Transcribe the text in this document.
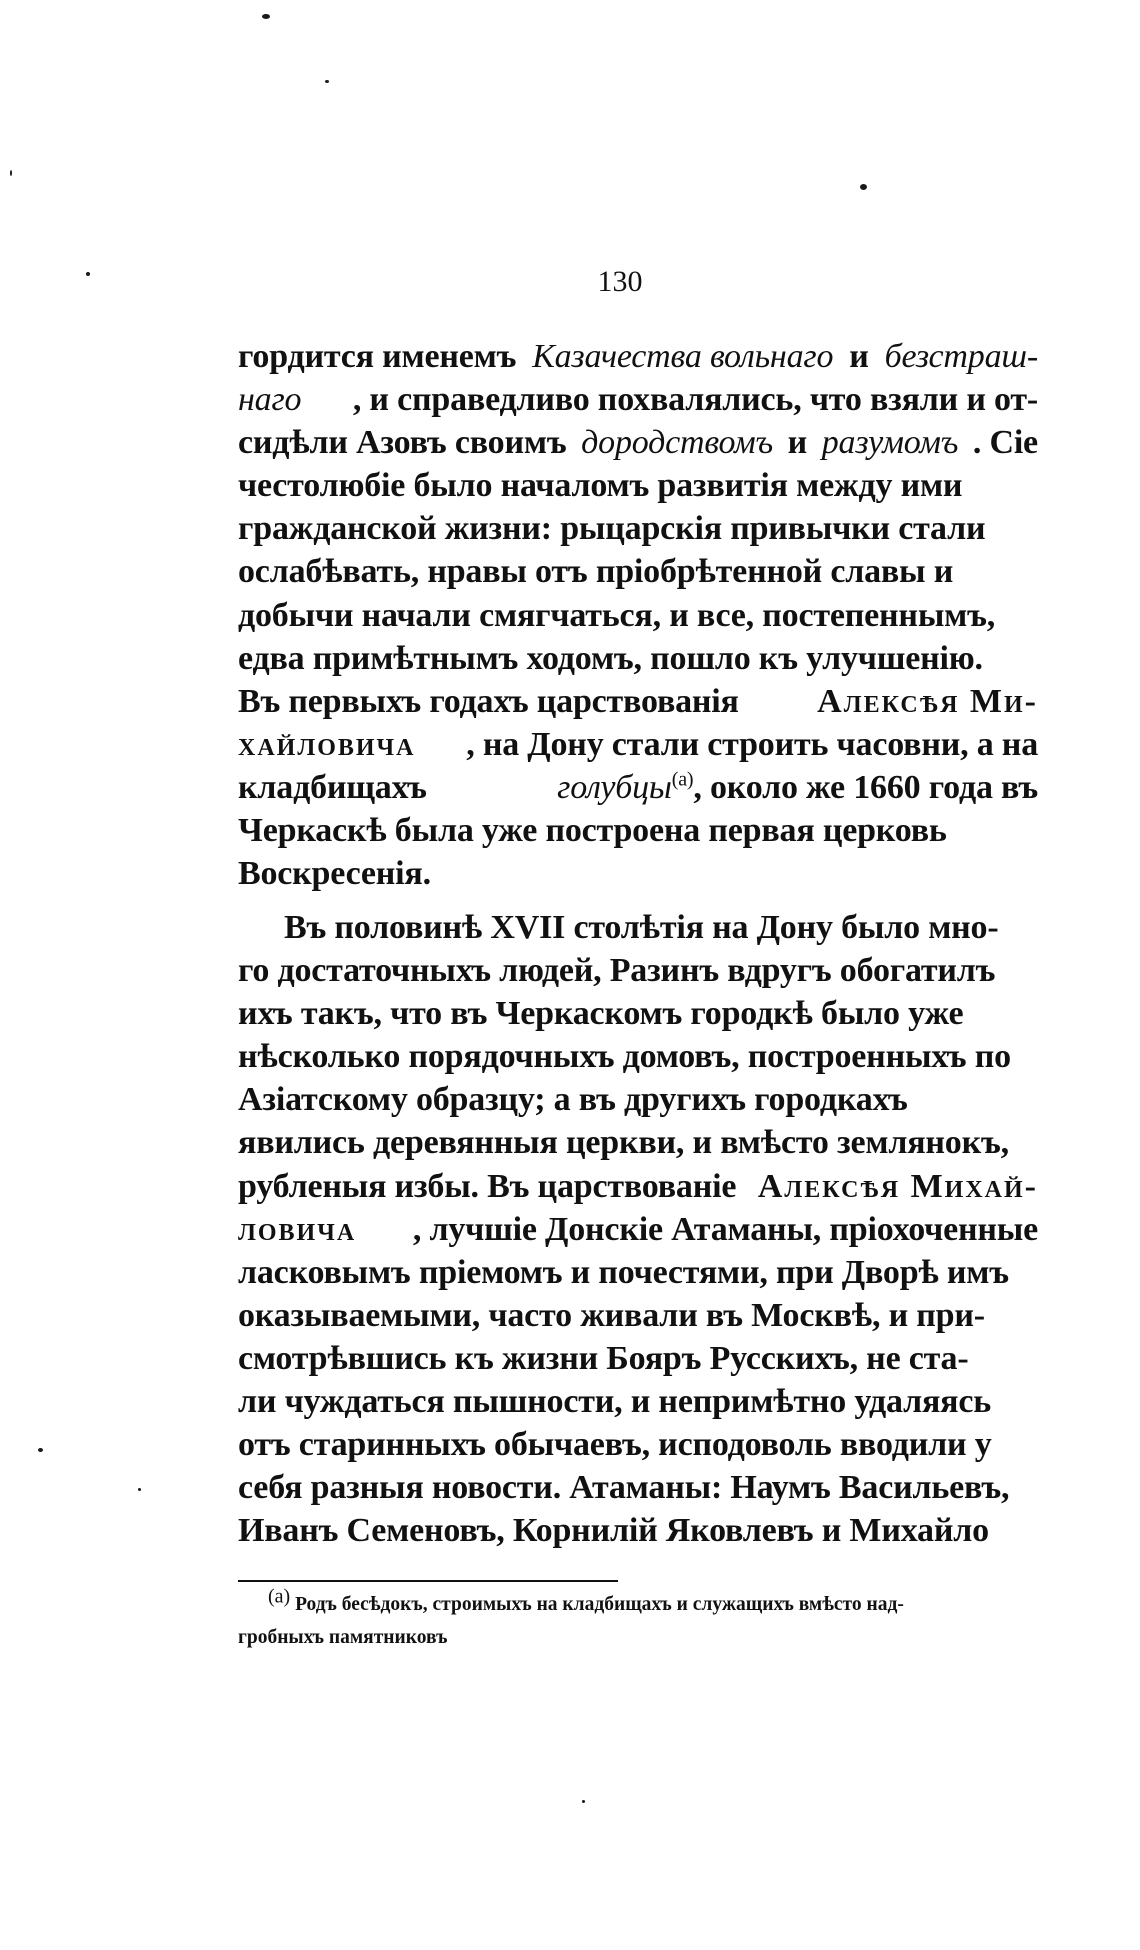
130
гордится именемъ Казачества вольнаго и безстраш-
наго , и справедливо похвалялись, что взяли и от-
сидѣли Азовъ своимъ дородствомъ и разумомъ . Сіе
честолюбіе было началомъ развитія между ими
гражданской жизни: рыцарскія привычки стали
ослабѣвать, нравы отъ пріобрѣтенной славы и
добычи начали смягчаться, и все, постепеннымъ,
едва примѣтнымъ ходомъ, пошло къ улучшенію.
Въ первыхъ годахъ царствованія Алексѣя Ми-
хайловича , на Дону стали строить часовни, а на
кладбищахъ	голубцы$^{(a)}$, около же 1660 года въ
Черкаскѣ была уже построена первая церковь
Воскресенія.
Въ половинѣ XVII столѣтія на Дону было мно-
го достаточныхъ людей, Разинъ вдругъ обогатилъ
ихъ такъ, что въ Черкаскомъ городкѣ было уже
нѣсколько порядочныхъ домовъ, построенныхъ по
Азіатскому образцу; а въ другихъ городкахъ
явились деревянныя церкви, и вмѣсто землянокъ,
рубленыя избы. Въ царствованіе Алексѣя Михай-
ловича , лучшіе Донскіе Атаманы, пріохоченные
ласковымъ пріемомъ и почестями, при Дворѣ имъ
оказываемыми, часто живали въ Москвѣ, и при-
смотрѣвшись къ жизни Бояръ Русскихъ, не ста-
ли чуждаться пышности, и непримѣтно удаляясь
отъ старинныхъ обычаевъ, исподоволь вводили у
себя разныя новости. Атаманы: Наумъ Васильевъ,
Иванъ Семеновъ, Корнилій Яковлевъ и Михайло
(a) Родъ бесѣдокъ, строимыхъ на кладбищахъ и служащихъ вмѣсто над-
гробныхъ памятниковъ
